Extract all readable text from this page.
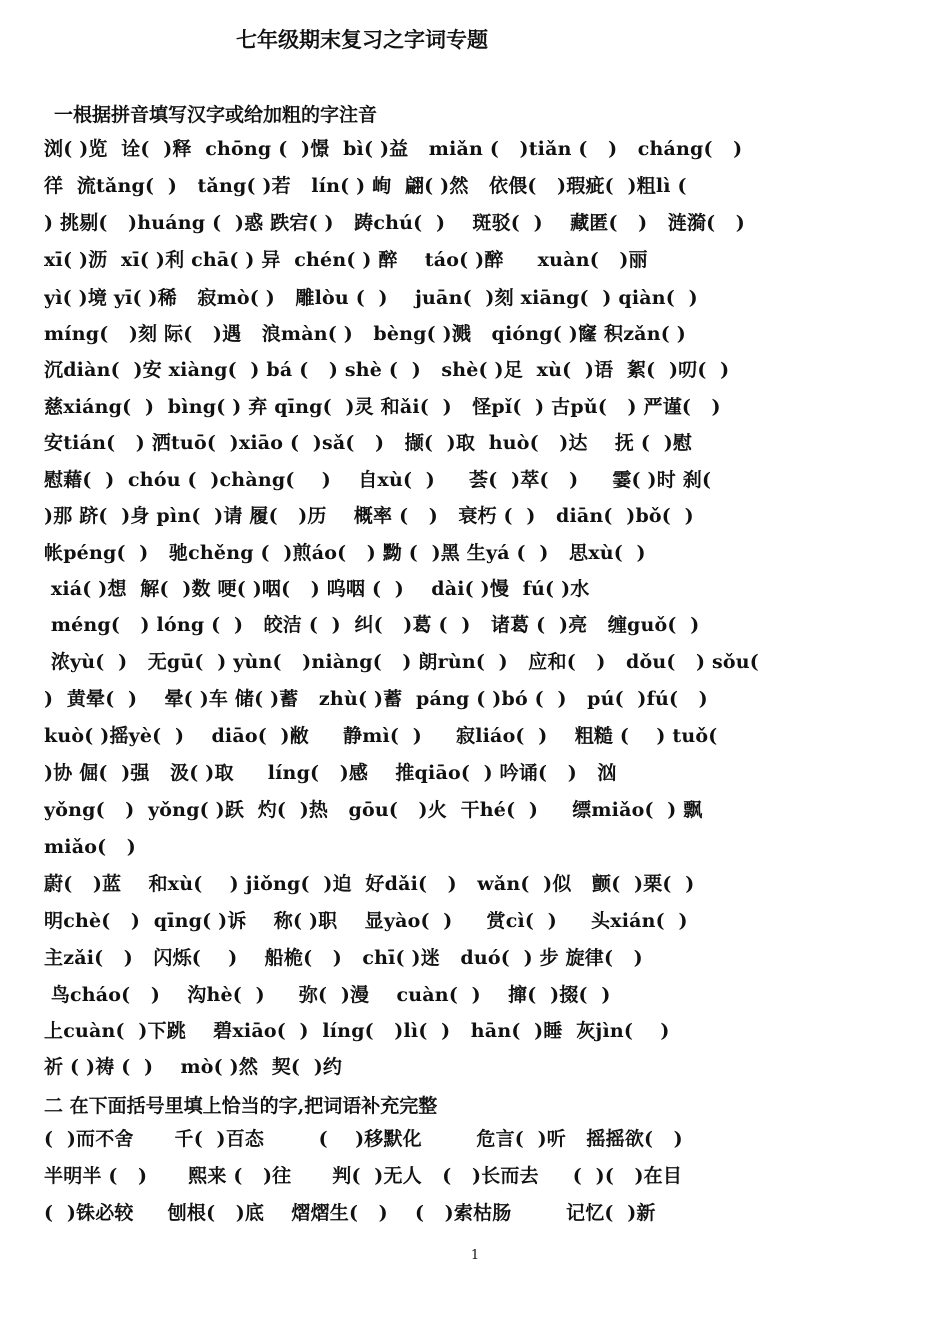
七年级期末复习之字词专题
一根据拼音填写汉字或给加粗的字注音
浏( )览  诠(  )释  chōng (  )憬  bì( )益   miǎn (   )tiǎn (   )   cháng(   )
徉  流tǎng(  )   tǎng( )若   lín( ) 峋  翩( )然   依偎(   )瑕疵(  )粗lì (
) 挑剔(   )huáng (  )惑 跌宕( )   踌chú(  )    斑驳(  )    藏匿(   )   涟漪(   )
xī( )沥  xī( )利 chā( ) 异  chén( ) 醉    táo( )醉     xuàn(   )丽
yì( )境 yī( )稀   寂mò( )   雕lòu (  )    juān(  )刻 xiāng(  ) qiàn(  )
míng(   )刻 际(   )遇   浪màn( )   bèng( )溅   qióng( )窿 积zǎn( )
沉diàn(  )安 xiàng(  ) bá (   ) shè (  )   shè( )足  xù(  )语  絮(  )叨(  )
慈xiáng(  )  bìng( ) 弃 qīng(  )灵 和ǎi(  )   怪pǐ(  ) 古pǔ(   ) 严谨(   )
安tián(   ) 洒tuō(  )xiāo (  )sǎ(   )   撷(  )取  huò(   )达    抚 (  )慰
慰藉(  )  chóu (  )chàng(    )    自xù(  )     荟(  )萃(   )     霎( )时 刹(
)那 跻(  )身 pìn(  )请 履(   )历    概率 (   )   衰朽 (  )   diān(  )bǒ(  )
帐péng(  )   驰chěng (  )煎áo(   ) 黝 (  )黑 生yá (  )   思xù(  )
xiá( )想  解(  )数 哽( )咽(   ) 呜咽 (  )    dài( )慢  fú( )水
méng(   ) lóng (  )   皎洁 (  )  纠(   )葛 (  )   诸葛 (  )亮   缠guǒ(  )
浓yù(  )   无gū(  ) yùn(   )niàng(   ) 朗rùn(  )   应和(   )   dǒu(   ) sǒu(
)  黄晕(  )    晕( )车 储( )蓄   zhù( )蓄  páng ( )bó (  )   pú(  )fú(   )
kuò( )摇yè(  )    diāo(  )敝     静mì(  )     寂liáo(  )    粗糙 (    ) tuǒ(
)协 倔(  )强   汲( )取     líng(   )感    推qiāo(  ) 吟诵(   )   汹
yǒng(   )  yǒng( )跃  灼(  )热   gōu(   )火  干hé(  )     缥miǎo(  ) 飘
miǎo(   )
蔚(   )蓝    和xù(    ) jiǒng(  )迫  好dǎi(   )   wǎn(  )似   颤(  )栗(  )
明chè(   )  qīng( )诉    称( )职    显yào(  )     赏cì(  )     头xián(  )
主zǎi(   )   闪烁(    )    船桅(   )   chī( )迷   duó(  ) 步 旋律(   )
鸟cháo(   )    沟hè(  )     弥(  )漫    cuàn(  )    撺(  )掇(  )
上cuàn(  )下跳    碧xiāo(  )  líng(   )lì(  )   hān(  )睡  灰jìn(    )
祈 ( )祷 (  )    mò( )然  契(  )约
二 在下面括号里填上恰当的字,把词语补充完整
(  )而不舍      千(  )百态        (    )移默化        危言(  )听   摇摇欲(   )
半明半 (   )      熙来 (   )往      判(  )无人   (   )长而去     (  )(   )在目
(  )铢必较     刨根(   )底    熠熠生(   )    (   )索枯肠        记忆(  )新
1
